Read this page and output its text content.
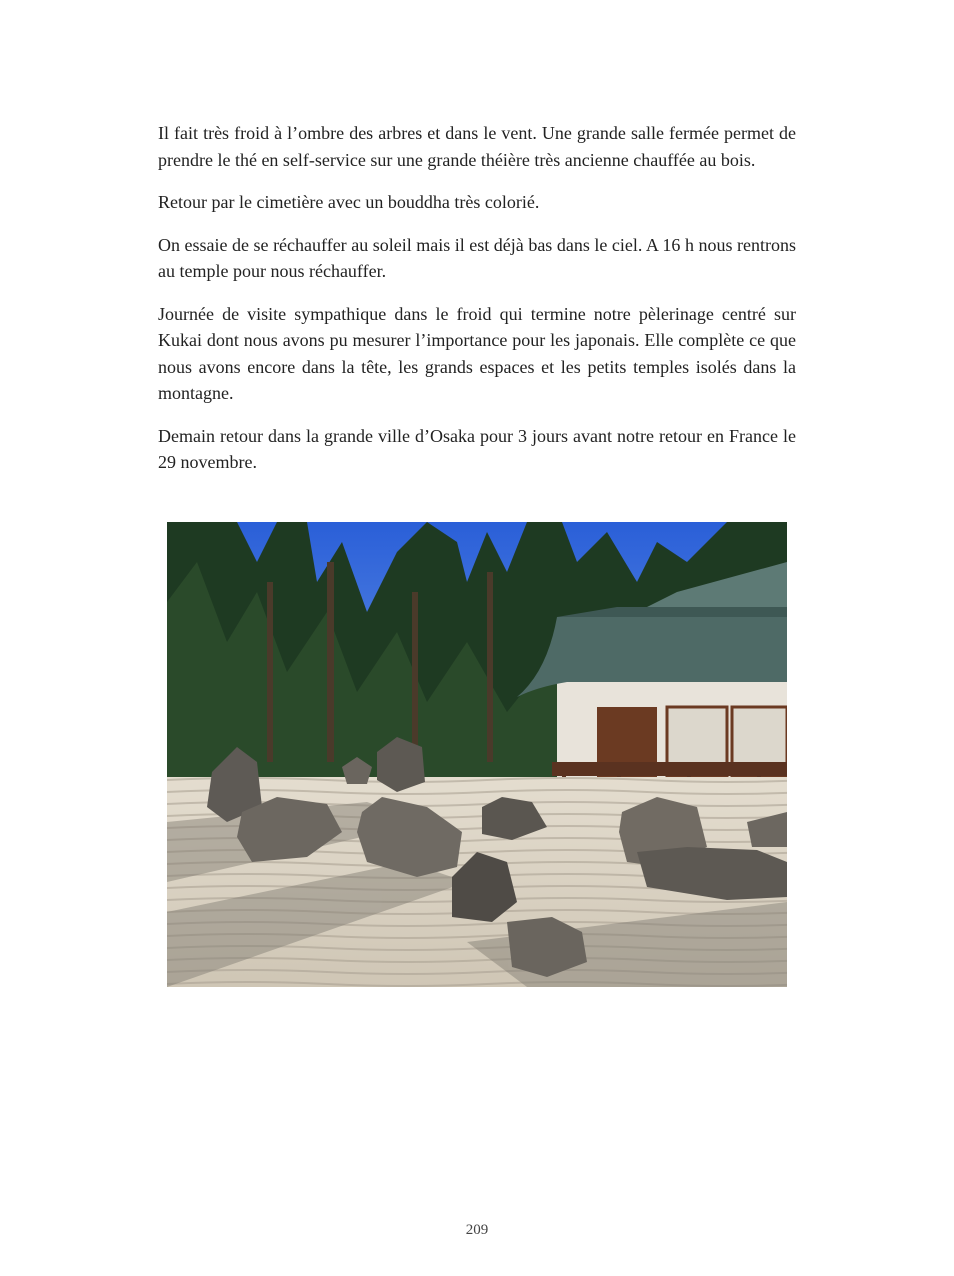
Il fait très froid à l’ombre des arbres et dans le vent. Une grande salle fermée permet de prendre le thé en self-service sur une grande théière très ancienne chauffée au bois.

Retour par le cimetière avec un bouddha très colorié.

On essaie de se réchauffer au soleil mais il est déjà bas dans le ciel. A 16 h nous rentrons au temple pour nous réchauffer.

Journée de visite sympathique dans le froid qui termine notre pèlerinage centré sur Kukai dont nous avons pu mesurer l’importance pour les japonais. Elle complète ce que nous avons encore dans la tête, les grands espaces et les petits temples isolés dans la montagne.

Demain retour dans la grande ville d’Osaka pour 3 jours avant notre retour en France le 29 novembre.

209
